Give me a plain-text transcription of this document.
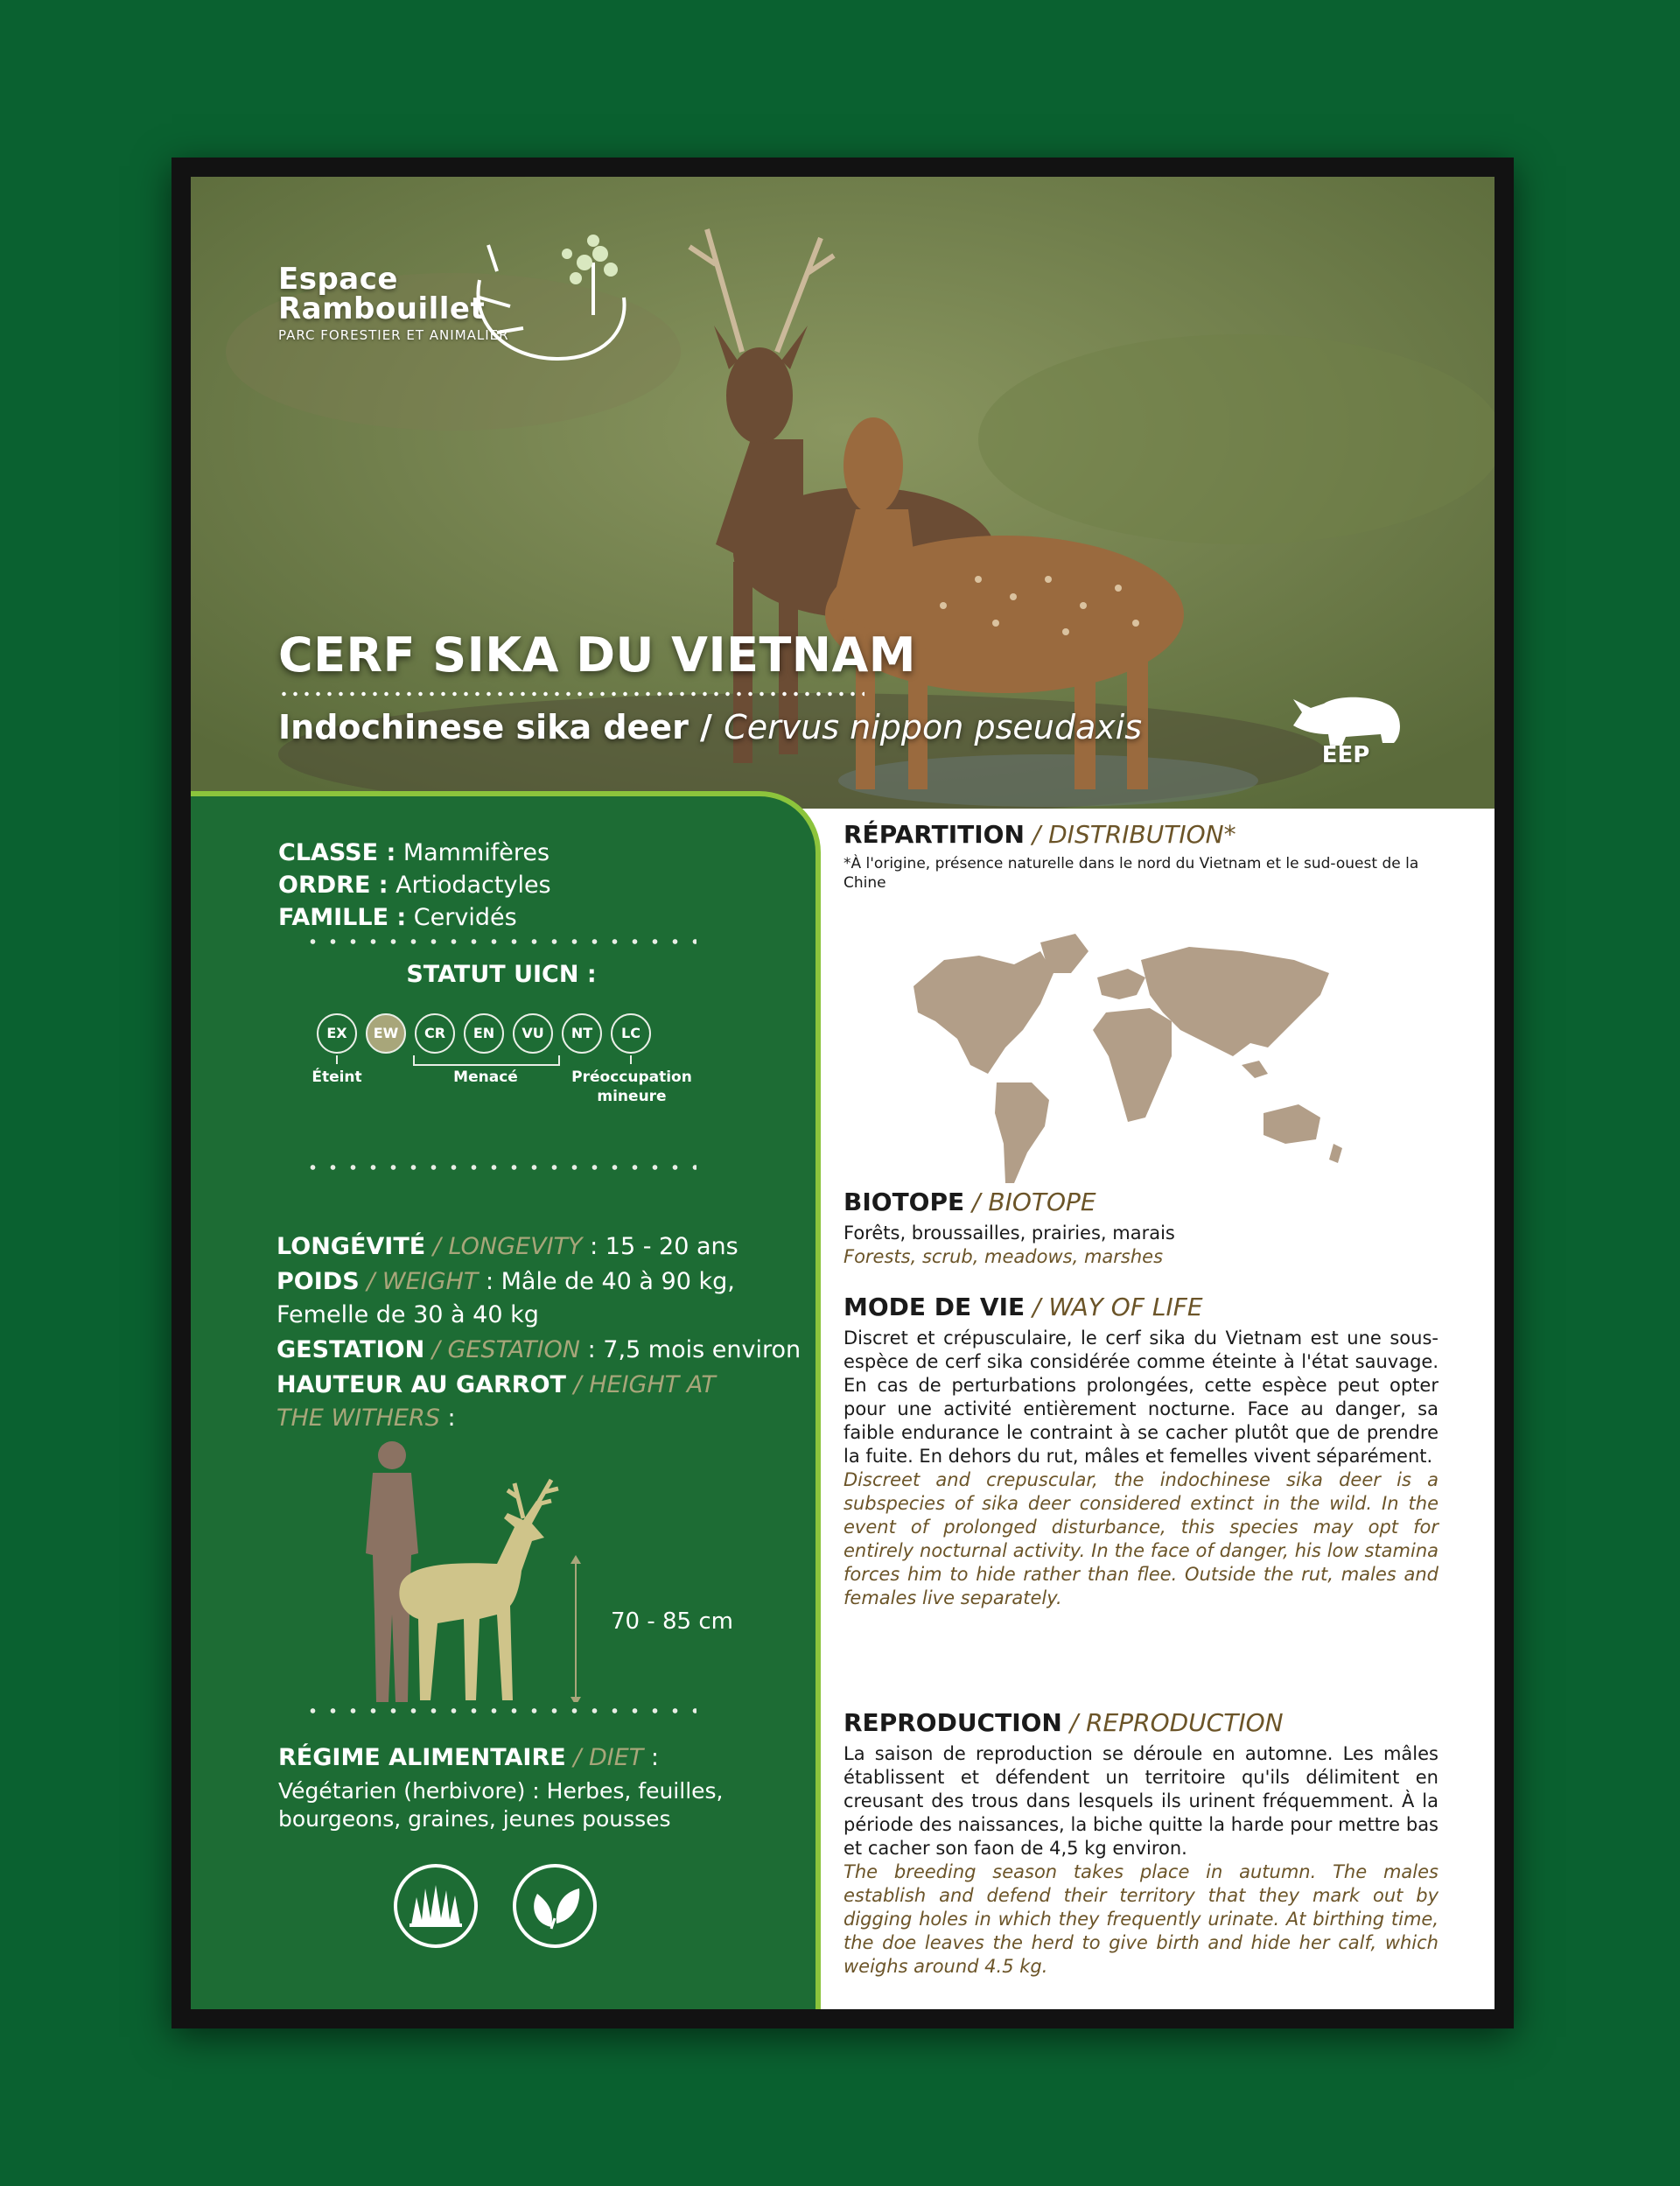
Espace
Rambouillet
PARC FORESTIER ET ANIMALIER
CERF SIKA DU VIETNAM
Indochinese sika deer / Cervus nippon pseudaxis
EEP
CLASSE : Mammifères
ORDRE : Artiodactyles
FAMILLE : Cervidés
STATUT UICN :
EX	EW	CR	EN	VU	NT	LC
Éteint	Menacé	Préoccupation
mineure
LONGÉVITÉ / LONGEVITY : 15 - 20 ans
POIDS / WEIGHT : Mâle de 40 à 90 kg,
Femelle de 30 à 40 kg
GESTATION / GESTATION : 7,5 mois environ
HAUTEUR AU GARROT / HEIGHT AT
THE WITHERS :
70 - 85 cm
RÉGIME ALIMENTAIRE / DIET :
Végétarien (herbivore) : Herbes, feuilles, bourgeons, graines, jeunes pousses
RÉPARTITION / DISTRIBUTION*
*À l'origine, présence naturelle dans le nord du Vietnam et le sud-ouest de la Chine
BIOTOPE / BIOTOPE
Forêts, broussailles, prairies, marais
Forests, scrub, meadows, marshes
MODE DE VIE / WAY OF LIFE
Discret et crépusculaire, le cerf sika du Vietnam est une sous-espèce de cerf sika considérée comme éteinte à l'état sauvage. En cas de perturbations prolongées, cette espèce peut opter pour une activité entièrement nocturne. Face au danger, sa faible endurance le contraint à se cacher plutôt que de prendre la fuite. En dehors du rut, mâles et femelles vivent séparément.
Discreet and crepuscular, the indochinese sika deer is a subspecies of sika deer considered extinct in the wild. In the event of prolonged disturbance, this species may opt for entirely nocturnal activity. In the face of danger, his low stamina forces him to hide rather than flee. Outside the rut, males and females live separately.
REPRODUCTION / REPRODUCTION
La saison de reproduction se déroule en automne. Les mâles établissent et défendent un territoire qu'ils délimitent en creusant des trous dans lesquels ils urinent fréquemment. À la période des naissances, la biche quitte la harde pour mettre bas et cacher son faon de 4,5 kg environ.
The breeding season takes place in autumn. The males establish and defend their territory that they mark out by digging holes in which they frequently urinate. At birthing time, the doe leaves the herd to give birth and hide her calf, which weighs around 4.5 kg.
